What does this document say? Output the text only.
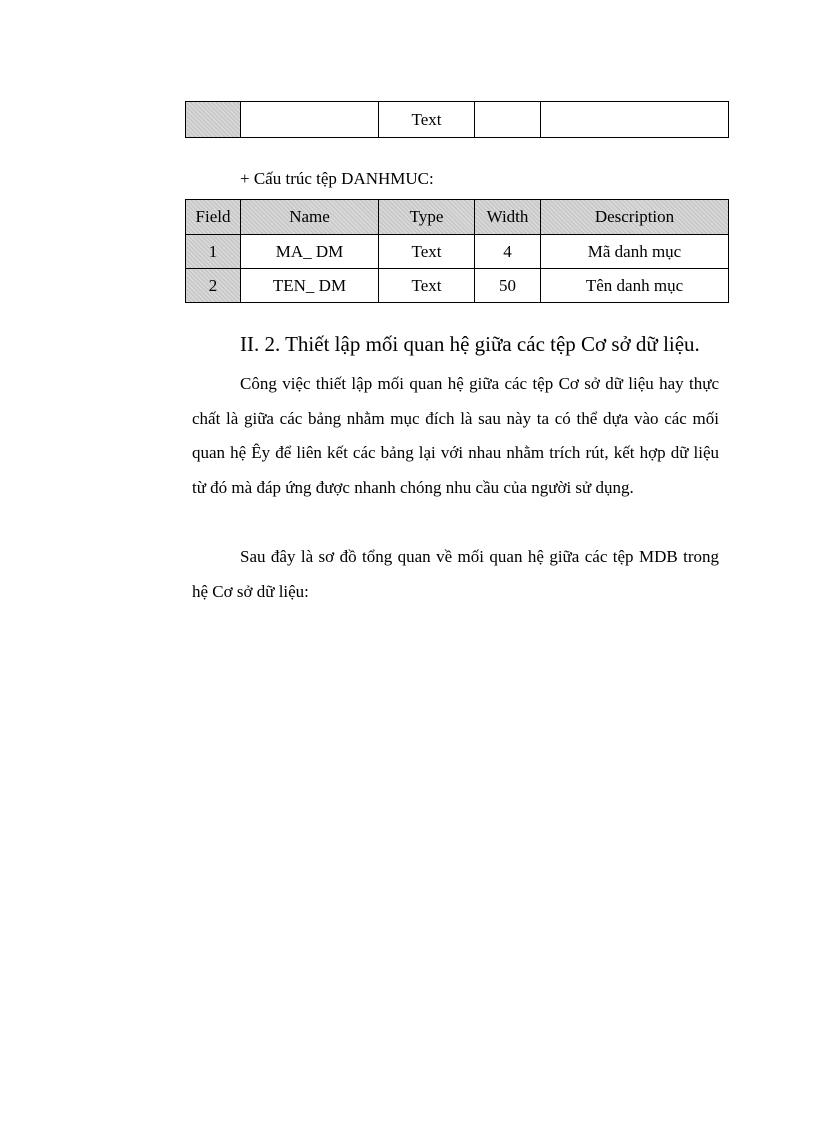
		Text		

+ Cấu trúc tệp DANHMUC:

Field	Name	Type	Width	Description
1	MA_ DM	Text	4	Mã danh mục
2	TEN_ DM	Text	50	Tên danh mục
II. 2. Thiết lập mối quan hệ giữa các tệp Cơ sở dữ liệu.

Công việc thiết lập mối quan hệ giữa các tệp Cơ sở dữ liệu hay thực chất là giữa các bảng nhằm mục đích là sau này ta có thể dựa vào các mối quan hệ Êy để liên kết các bảng lại với nhau nhằm trích rút, kết hợp dữ liệu từ đó mà đáp ứng được nhanh chóng nhu cầu của người sử dụng.

Sau đây là sơ đồ tổng quan về mối quan hệ giữa các tệp MDB trong hệ Cơ sở dữ liệu:
